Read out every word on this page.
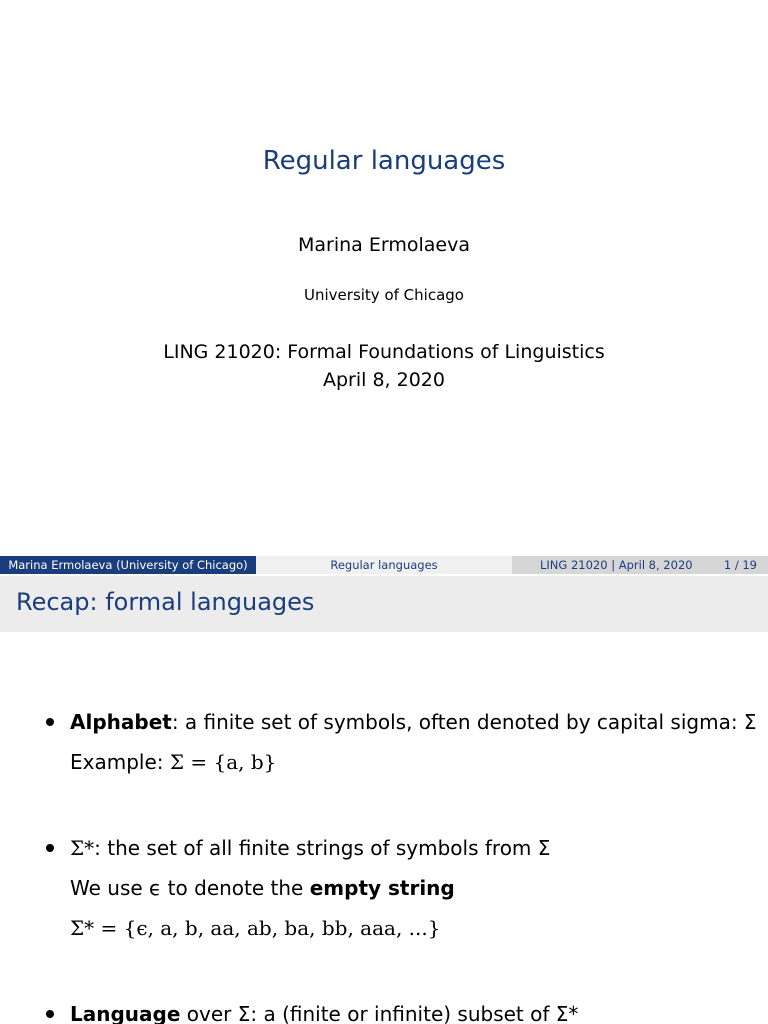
Regular languages
Marina Ermolaeva
University of Chicago
LING 21020: Formal Foundations of Linguistics
April 8, 2020
Marina Ermolaeva (University of Chicago)	Regular languages	LING 21020 | April 8, 2020	1 / 19
Recap: formal languages
Alphabet: a finite set of symbols, often denoted by capital sigma: Σ
Example: Σ = {a, b}
Σ*: the set of all finite strings of symbols from Σ
We use ϵ to denote the empty string
Σ* = {ϵ, a, b, aa, ab, ba, bb, aaa, ...}
Language over Σ: a (finite or infinite) subset of Σ*
